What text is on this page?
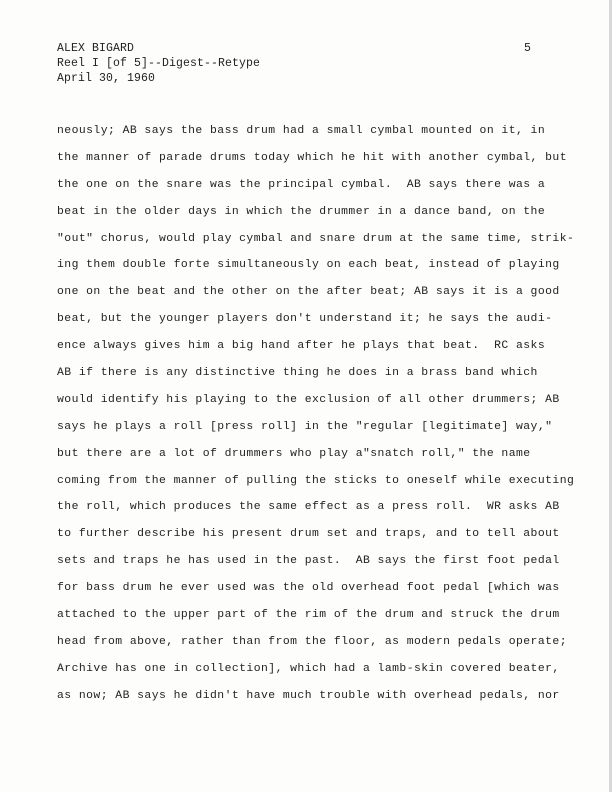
ALEX BIGARD
Reel I [of 5]--Digest--Retype
April 30, 1960
5
neously; AB says the bass drum had a small cymbal mounted on it, in
the manner of parade drums today which he hit with another cymbal, but
the one on the snare was the principal cymbal.  AB says there was a
beat in the older days in which the drummer in a dance band, on the
"out" chorus, would play cymbal and snare drum at the same time, strik-
ing them double forte simultaneously on each beat, instead of playing
one on the beat and the other on the after beat; AB says it is a good
beat, but the younger players don't understand it; he says the audi-
ence always gives him a big hand after he plays that beat.  RC asks
AB if there is any distinctive thing he does in a brass band which
would identify his playing to the exclusion of all other drummers; AB
says he plays a roll [press roll] in the "regular [legitimate] way,"
but there are a lot of drummers who play a"snatch roll," the name
coming from the manner of pulling the sticks to oneself while executing
the roll, which produces the same effect as a press roll.  WR asks AB
to further describe his present drum set and traps, and to tell about
sets and traps he has used in the past.  AB says the first foot pedal
for bass drum he ever used was the old overhead foot pedal [which was
attached to the upper part of the rim of the drum and struck the drum
head from above, rather than from the floor, as modern pedals operate;
Archive has one in collection], which had a lamb-skin covered beater,
as now; AB says he didn't have much trouble with overhead pedals, nor
